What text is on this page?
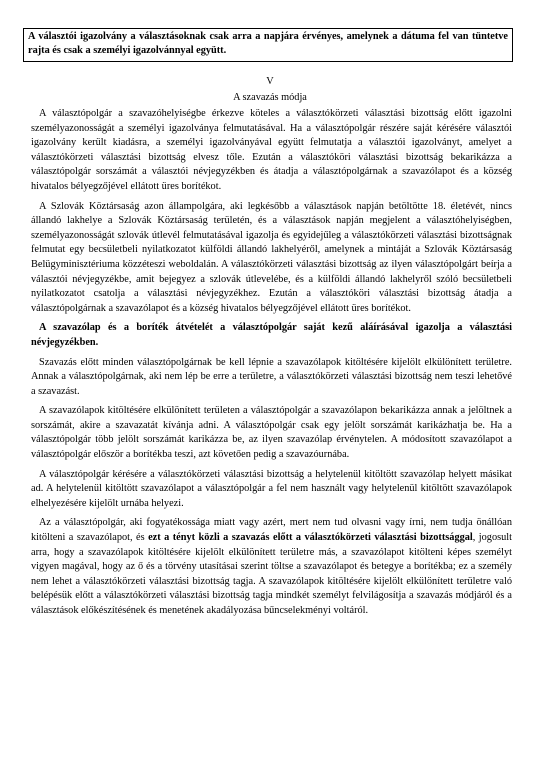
A választói igazolvány a választásoknak csak arra a napjára érvényes, amelynek a dátuma fel van tüntetve rajta és csak a személyi igazolvánnyal együtt.
V
A szavazás módja

A választópolgár a szavazóhelyiségbe érkezve köteles a választókörzeti választási bizottság előtt igazolni személyazonosságát a személyi igazolványa felmutatásával. Ha a választópolgár részére saját kérésére választói igazolvány került kiadásra, a személyi igazolványával együtt felmutatja a választói igazolványt, amelyet a választókörzeti választási bizottság elvesz tőle. Ezután a választóköri választási bizottság bekarikázza a választópolgár sorszámát a választói névjegyzékben és átadja a választópolgárnak a szavazólapot és a község hivatalos bélyegzőjével ellátott üres borítékot.

A Szlovák Köztársaság azon állampolgára, aki legkésőbb a választások napján betöltötte 18. életévét, nincs állandó lakhelye a Szlovák Köztársaság területén, és a választások napján megjelent a választóhelyiségben, személyazonosságát szlovák útlevél felmutatásával igazolja és egyidejűleg a választókörzeti választási bizottságnak felmutat egy becsületbeli nyilatkozatot külföldi állandó lakhelyéről, amelynek a mintáját a Szlovák Köztársaság Belügyminisztériuma közzéteszi weboldalán. A választókörzeti választási bizottság az ilyen választópolgárt beírja a választói névjegyzékbe, amit bejegyez a szlovák útlevelébe, és a külföldi állandó lakhelyről szóló becsületbeli nyilatkozatot csatolja a választási névjegyzékhez. Ezután a választóköri választási bizottság átadja a választópolgárnak a szavazólapot és a község hivatalos bélyegzőjével ellátott üres borítékot.

A szavazólap és a boríték átvételét a választópolgár saját kezű aláírásával igazolja a választási névjegyzékben.

Szavazás előtt minden választópolgárnak be kell lépnie a szavazólapok kitöltésére kijelölt elkülönített területre. Annak a választópolgárnak, aki nem lép be erre a területre, a választókörzeti választási bizottság nem teszi lehetővé a szavazást.

A szavazólapok kitöltésére elkülönített területen a választópolgár a szavazólapon bekarikázza annak a jelöltnek a sorszámát, akire a szavazatát kívánja adni. A választópolgár csak egy jelölt sorszámát karikázhatja be. Ha a választópolgár több jelölt sorszámát karikázza be, az ilyen szavazólap érvénytelen. A módosított szavazólapot a választópolgár először a borítékba teszi, azt követően pedig a szavazóurnába.

A választópolgár kérésére a választókörzeti választási bizottság a helytelenül kitöltött szavazólap helyett másikat ad. A helytelenül kitöltött szavazólapot a választópolgár a fel nem használt vagy helytelenül kitöltött szavazólapok elhelyezésére kijelölt urnába helyezi.

Az a választópolgár, aki fogyatékossága miatt vagy azért, mert nem tud olvasni vagy írni, nem tudja önállóan kitölteni a szavazólapot, és ezt a tényt közli a szavazás előtt a választókörzeti választási bizottsággal, jogosult arra, hogy a szavazólapok kitöltésére kijelölt elkülönített területre más, a szavazólapot kitölteni képes személyt vigyen magával, hogy az ő és a törvény utasításai szerint töltse a szavazólapot és betegye a borítékba; ez a személy nem lehet a választókörzeti választási bizottság tagja. A szavazólapok kitöltésére kijelölt elkülönített területre való belépésük előtt a választókörzeti választási bizottság tagja mindkét személyt felvilágosítja a szavazás módjáról és a választások előkészítésének és menetének akadályozása bűncselekményi voltáról.
